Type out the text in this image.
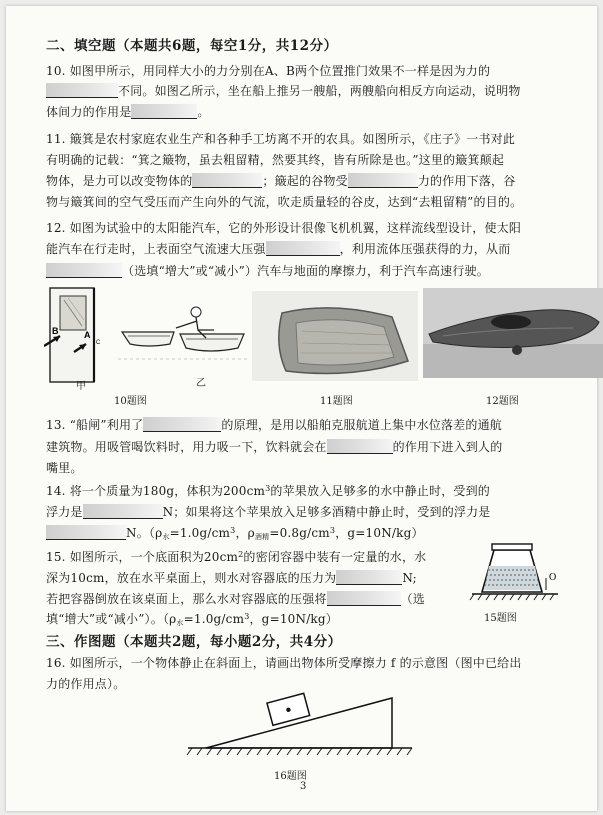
二、填空题（本题共6题，每空1分，共12分）
10. 如图甲所示，用同样大小的力分别在A、B两个位置推门效果不一样是因为力的
不同。如图乙所示，坐在船上推另一艘船，两艘船向相反方向运动，说明物
体间力的作用是	。
11. 簸箕是农村家庭农业生产和各种手工坊离不开的农具。如图所示，《庄子》一书对此
有明确的记载：“箕之簸物，虽去粗留精，然要其终，皆有所除是也。”这里的簸箕颠起
物体，是力可以改变物体的	；簸起的谷物受	力的作用下落，谷
物与簸箕间的空气受压而产生向外的气流，吹走质量轻的谷皮，达到“去粗留精”的目的。
12. 如图为试验中的太阳能汽车，它的外形设计很像飞机机翼，这样流线型设计，使太阳
能汽车在行走时，上表面空气流速大压强	，利用流体压强获得的力，从而
（选填“增大”或“减小”）汽车与地面的摩擦力，利于汽车高速行驶。
B	A
C
甲	乙
10题图	11题图	12题图
13. “船闸”利用了	的原理，是用以船舶克服航道上集中水位落差的通航
建筑物。用吸管喝饮料时，用力吸一下，饮料就会在	的作用下进入到人的
嘴里。
14. 将一个质量为180g，体积为$200cm^3$的苹果放入足够多的水中静止时，受到的
浮力是	N；如果将这个苹果放入足够多酒精中静止时，受到的浮力是
N。（$\rho_水=1.0g/cm^3$，$\rho_{酒精}=0.8g/cm^3$，g=10N/kg）
15. 如图所示，一个底面积为$20cm^2$的密闭容器中装有一定量的水，水
深为10cm，放在水平桌面上，则水对容器底的压力为	N;
若把容器倒放在该桌面上，那么水对容器底的压强将	（选
填“增大”或“减小”）。（$\rho_水=1.0g/cm^3$，g=10N/kg）
O
15题图
三、作图题（本题共2题，每小题2分，共4分）
16. 如图所示，一个物体静止在斜面上，请画出物体所受摩擦力 f 的示意图（图中已给出
力的作用点）。
16题图
3
